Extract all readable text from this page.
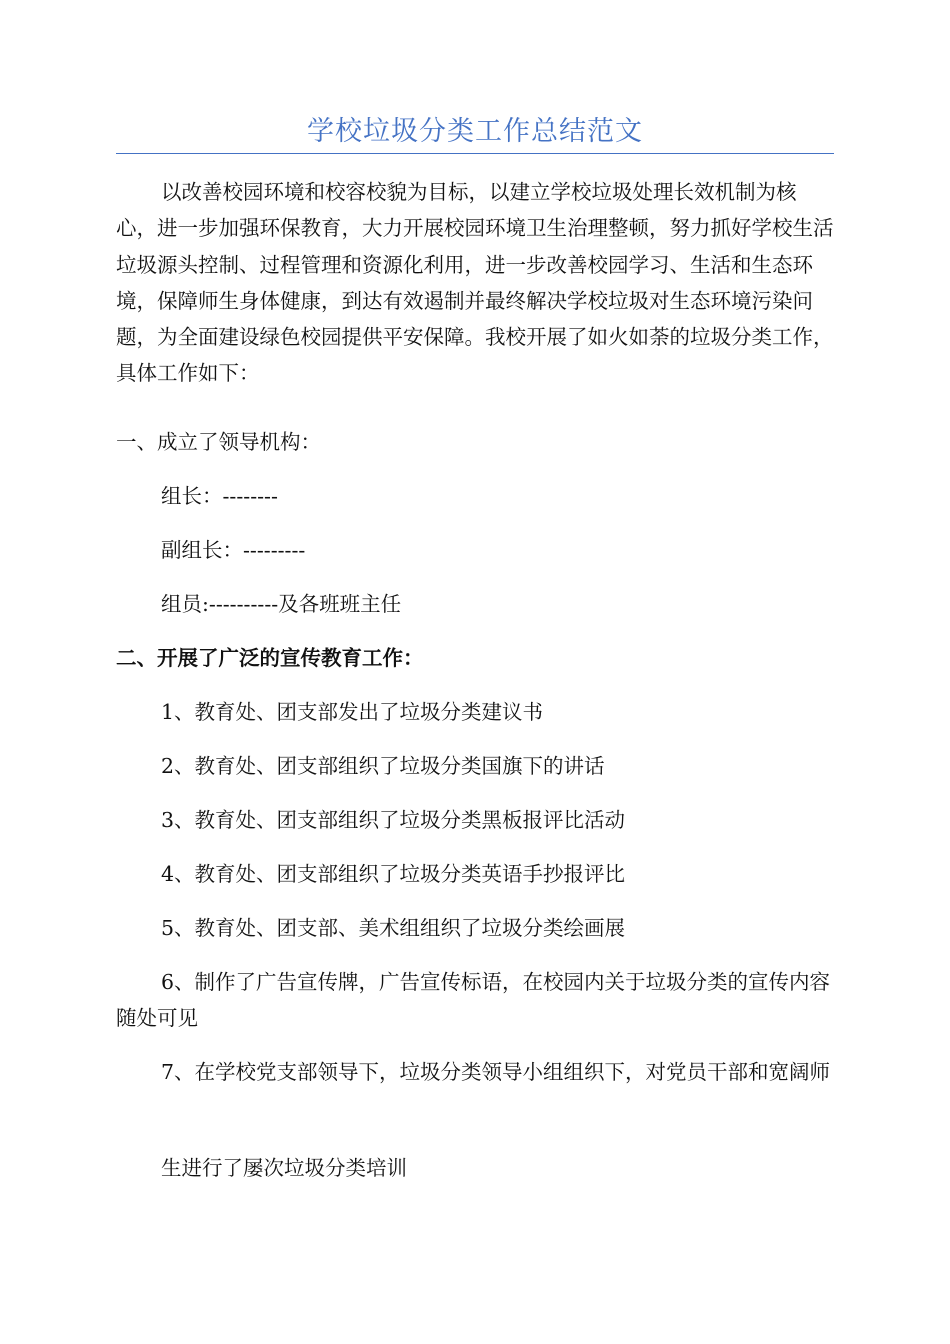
学校垃圾分类工作总结范文

以改善校园环境和校容校貌为目标，以建立学校垃圾处理长效机制为核心，进一步加强环保教育，大力开展校园环境卫生治理整顿，努力抓好学校生活垃圾源头控制、过程管理和资源化利用，进一步改善校园学习、生活和生态环境，保障师生身体健康，到达有效遏制并最终解决学校垃圾对生态环境污染问题，为全面建设绿色校园提供平安保障。我校开展了如火如荼的垃圾分类工作，具体工作如下：

一、成立了领导机构：

组长：--------

副组长：---------

组员:----------及各班班主任

二、开展了广泛的宣传教育工作：

1、教育处、团支部发出了垃圾分类建议书

2、教育处、团支部组织了垃圾分类国旗下的讲话

3、教育处、团支部组织了垃圾分类黑板报评比活动

4、教育处、团支部组织了垃圾分类英语手抄报评比

5、教育处、团支部、美术组组织了垃圾分类绘画展

6、制作了广告宣传牌，广告宣传标语，在校园内关于垃圾分类的宣传内容随处可见

7、在学校党支部领导下，垃圾分类领导小组组织下，对党员干部和宽阔师

生进行了屡次垃圾分类培训
